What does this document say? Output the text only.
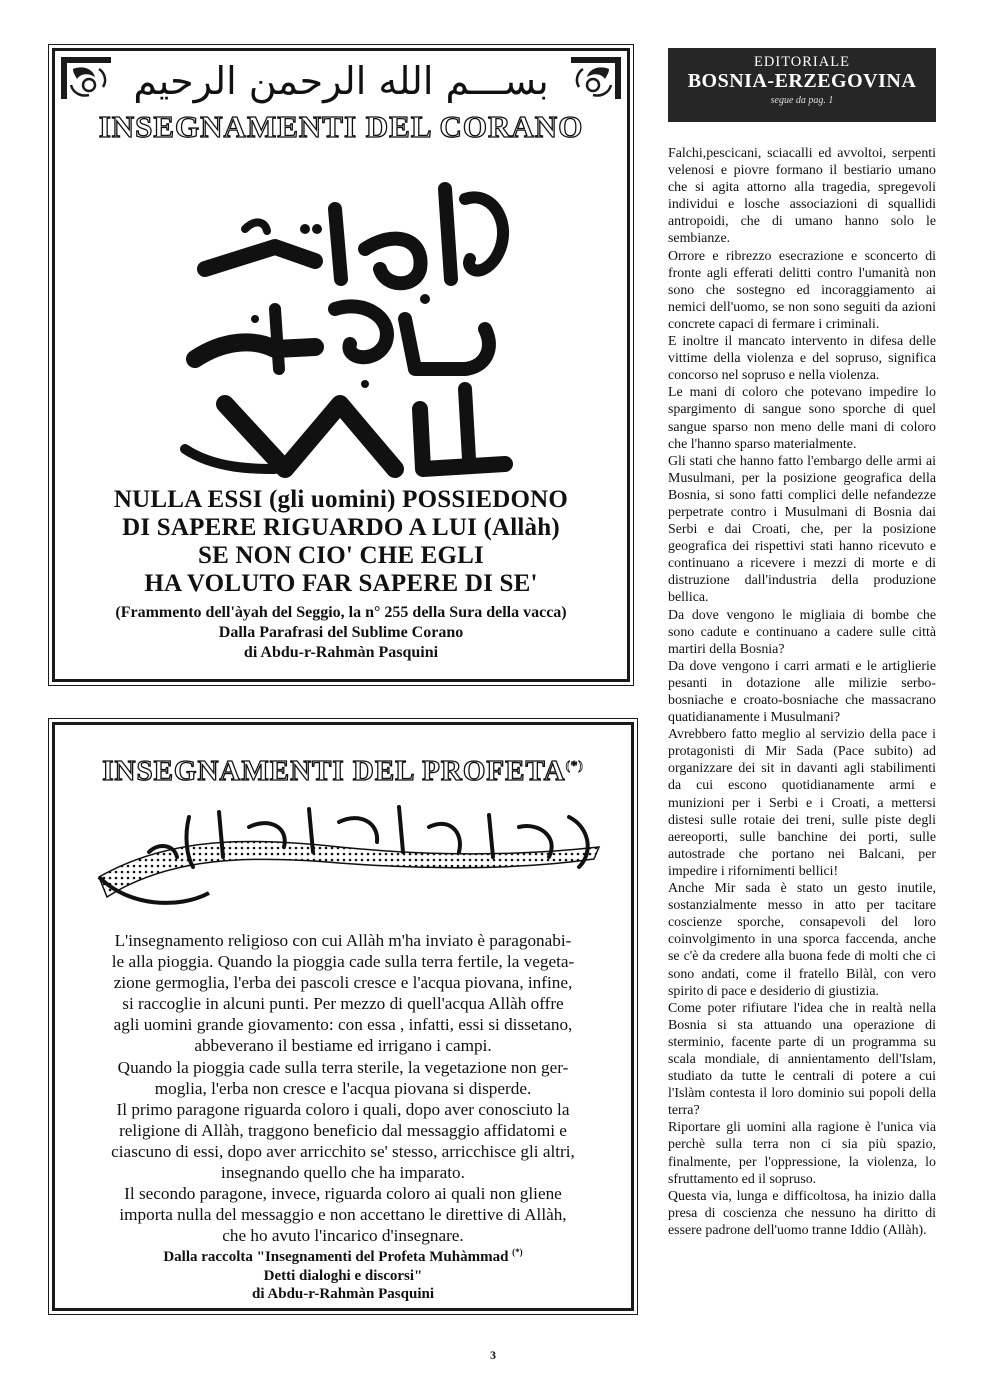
بســـم الله الرحمن الرحيم
INSEGNAMENTI DEL CORANO
NULLA ESSI (gli uomini) POSSIEDONO
DI SAPERE RIGUARDO A LUI (Allàh)
SE NON CIO' CHE EGLI
HA VOLUTO FAR SAPERE DI SE'
(Frammento dell'àyah del Seggio, la n° 255 della Sura della vacca)
Dalla Parafrasi del Sublime Corano
di Abdu-r-Rahmàn Pasquini
INSEGNAMENTI DEL PROFETA(*)
L'insegnamento religioso con cui Allàh m'ha inviato è paragonabi-
le alla pioggia. Quando la pioggia cade sulla terra fertile, la vegeta-
zione germoglia, l'erba dei pascoli cresce e l'acqua piovana, infine,
si raccoglie in alcuni punti. Per mezzo di quell'acqua Allàh offre
agli uomini grande giovamento: con essa , infatti, essi si dissetano,
abbeverano il bestiame ed irrigano i campi.
Quando la pioggia cade sulla terra sterile, la vegetazione non ger-
moglia, l'erba non cresce e l'acqua piovana si disperde.
Il primo paragone riguarda coloro i quali, dopo aver conosciuto la
religione di Allàh, traggono beneficio dal messaggio affidatomi e
ciascuno di essi, dopo aver arricchito se' stesso, arricchisce gli altri,
insegnando quello che ha imparato.
Il secondo paragone, invece, riguarda coloro ai quali non gliene
importa nulla del messaggio e non accettano le direttive di Allàh,
che ho avuto l'incarico d'insegnare.
Dalla raccolta "Insegnamenti del Profeta Muhàmmad (*)
Detti dialoghi e discorsi"
di Abdu-r-Rahmàn Pasquini
EDITORIALE
BOSNIA-ERZEGOVINA
segue da pag. 1

Falchi,pescicani, sciacalli ed avvoltoi, serpenti velenosi e piovre formano il bestiario umano che si agita attorno alla tragedia, spregevoli individui e losche associazioni di squallidi antropoidi, che di umano hanno solo le sembianze.

Orrore e ribrezzo esecrazione e sconcerto di fronte agli efferati delitti contro l'umanità non sono che sostegno ed incoraggiamento ai nemici dell'uomo, se non sono seguiti da azioni concrete capaci di fermare i criminali.

E inoltre il mancato intervento in difesa delle vittime della violenza e del sopruso, significa concorso nel sopruso e nella violenza.

Le mani di coloro che potevano impedire lo spargimento di sangue sono sporche di quel sangue sparso non meno delle mani di coloro che l'hanno sparso materialmente.

Gli stati che hanno fatto l'embargo delle armi ai Musulmani, per la posizione geografica della Bosnia, si sono fatti complici delle nefandezze perpetrate contro i Musulmani di Bosnia dai Serbi e dai Croati, che, per la posizione geografica dei rispettivi stati hanno ricevuto e continuano a ricevere i mezzi di morte e di distruzione dall'industria della produzione bellica.

Da dove vengono le migliaia di bombe che sono cadute e continuano a cadere sulle città martiri della Bosnia?

Da dove vengono i carri armati e le artiglierie pesanti in dotazione alle milizie serbo-bosniache e croato-bosniache che massacrano quatidianamente i Musulmani?

Avrebbero fatto meglio al servizio della pace i protagonisti di Mir Sada (Pace subito) ad organizzare dei sit in davanti agli stabilimenti da cui escono quotidianamente armi e munizioni per i Serbi e i Croati, a mettersi distesi sulle rotaie dei treni, sulle piste degli aereoporti, sulle banchine dei porti, sulle autostrade che portano nei Balcani, per impedire i rifornimenti bellici!

Anche Mir sada è stato un gesto inutile, sostanzialmente messo in atto per tacitare coscienze sporche, consapevoli del loro coinvolgimento in una sporca faccenda, anche se c'è da credere alla buona fede di molti che ci sono andati, come il fratello Bilàl, con vero spirito di pace e desiderio di giustizia.

Come poter rifiutare l'idea che in realtà nella Bosnia si sta attuando una operazione di sterminio, facente parte di un programma su scala mondiale, di annientamento dell'Islam, studiato da tutte le centrali di potere a cui l'Islàm contesta il loro dominio sui popoli della terra?

Riportare gli uomini alla ragione è l'unica via perchè sulla terra non ci sia più spazio, finalmente, per l'oppressione, la violenza, lo sfruttamento ed il sopruso.

Questa via, lunga e difficoltosa, ha inizio dalla presa di coscienza che nessuno ha diritto di essere padrone dell'uomo tranne Iddio (Allàh).

3
